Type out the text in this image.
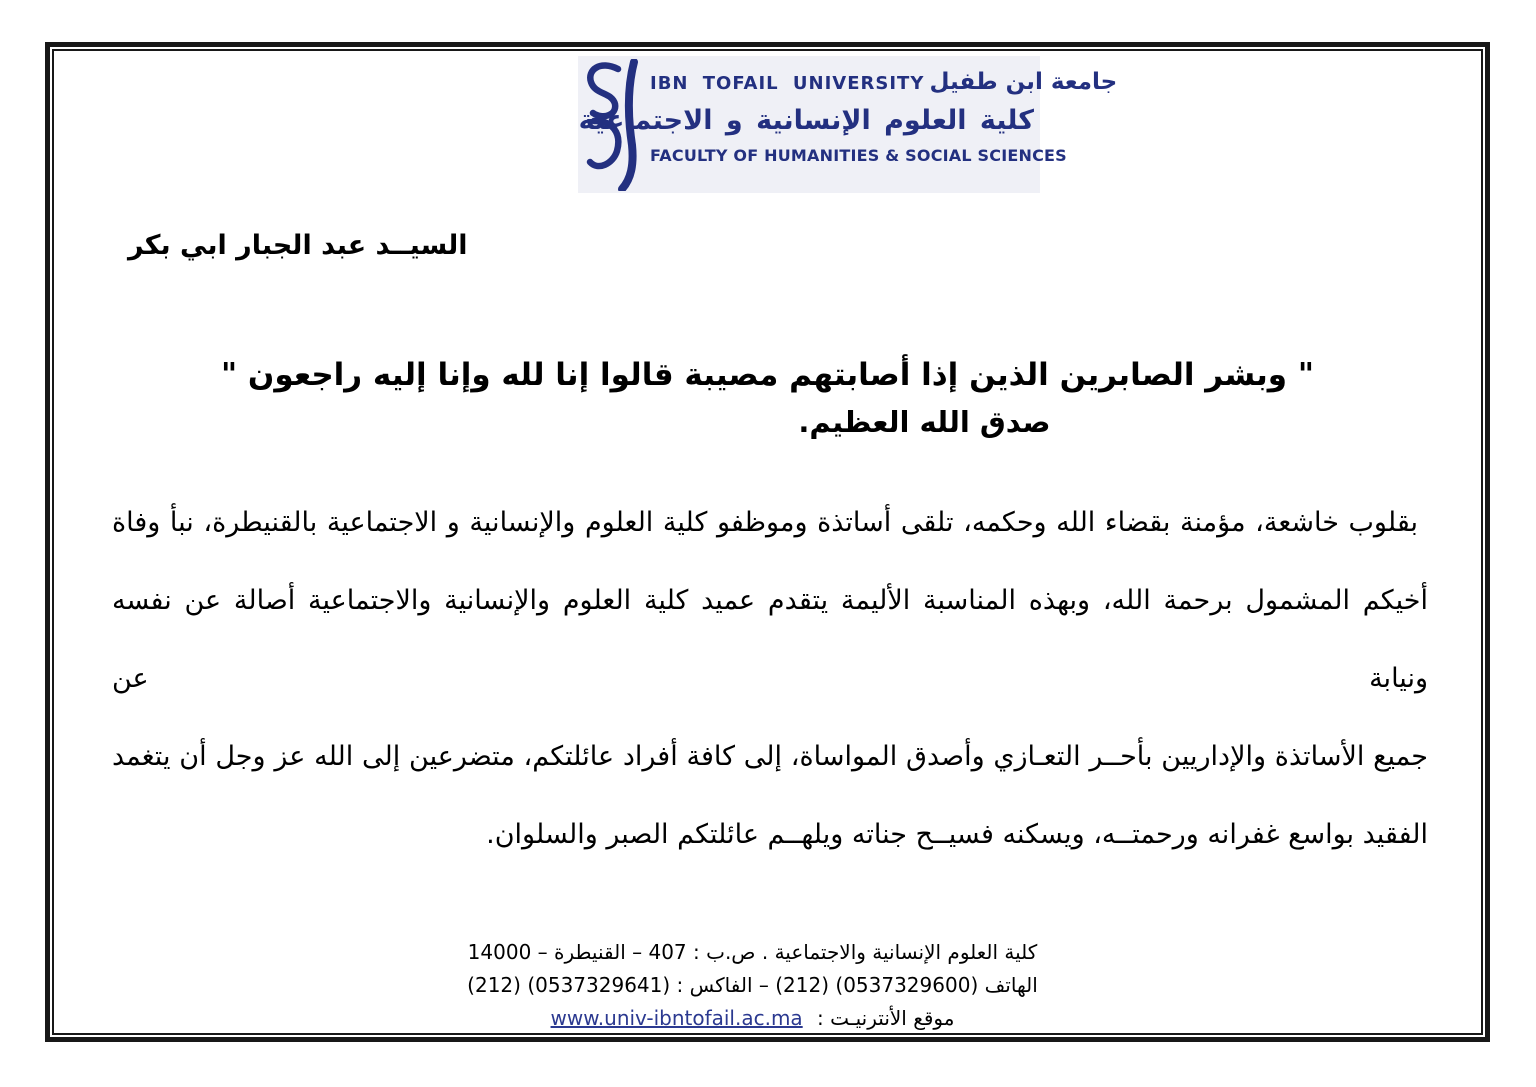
IBN TOFAIL UNIVERSITY جامعة ابن طفيل
كلية العلوم الإنسانية و الاجتماعية
FACULTY OF HUMANITIES & SOCIAL SCIENCES
السيــد عبد الجبار ابي بكر
" وبشر الصابرين الذين إذا أصابتهم مصيبة قالوا إنا لله وإنا إليه راجعون "
صدق الله العظيم.
بقلوب خاشعة، مؤمنة بقضاء الله وحكمه، تلقى أساتذة وموظفو كلية العلوم والإنسانية و الاجتماعية بالقنيطرة، نبأ وفاة
أخيكم المشمول برحمة الله، وبهذه المناسبة الأليمة يتقدم عميد كلية العلوم والإنسانية والاجتماعية أصالة عن نفسه ونيابة عن
جميع الأساتذة والإداريين بأحــر التعـازي وأصدق المواساة، إلى كافة أفراد عائلتكم، متضرعين إلى الله عز وجل أن يتغمد
الفقيد بواسع غفرانه ورحمتــه، ويسكنه فسيــح جناته ويلهــم عائلتكم الصبر والسلوان.
كلية العلوم الإنسانية والاجتماعية . ص.ب : 407 – القنيطرة – 14000
الهاتف (0537329600) (212) – الفاكس : (0537329641) (212)
موقع الأنترنيـت : www.univ-ibntofail.ac.ma
